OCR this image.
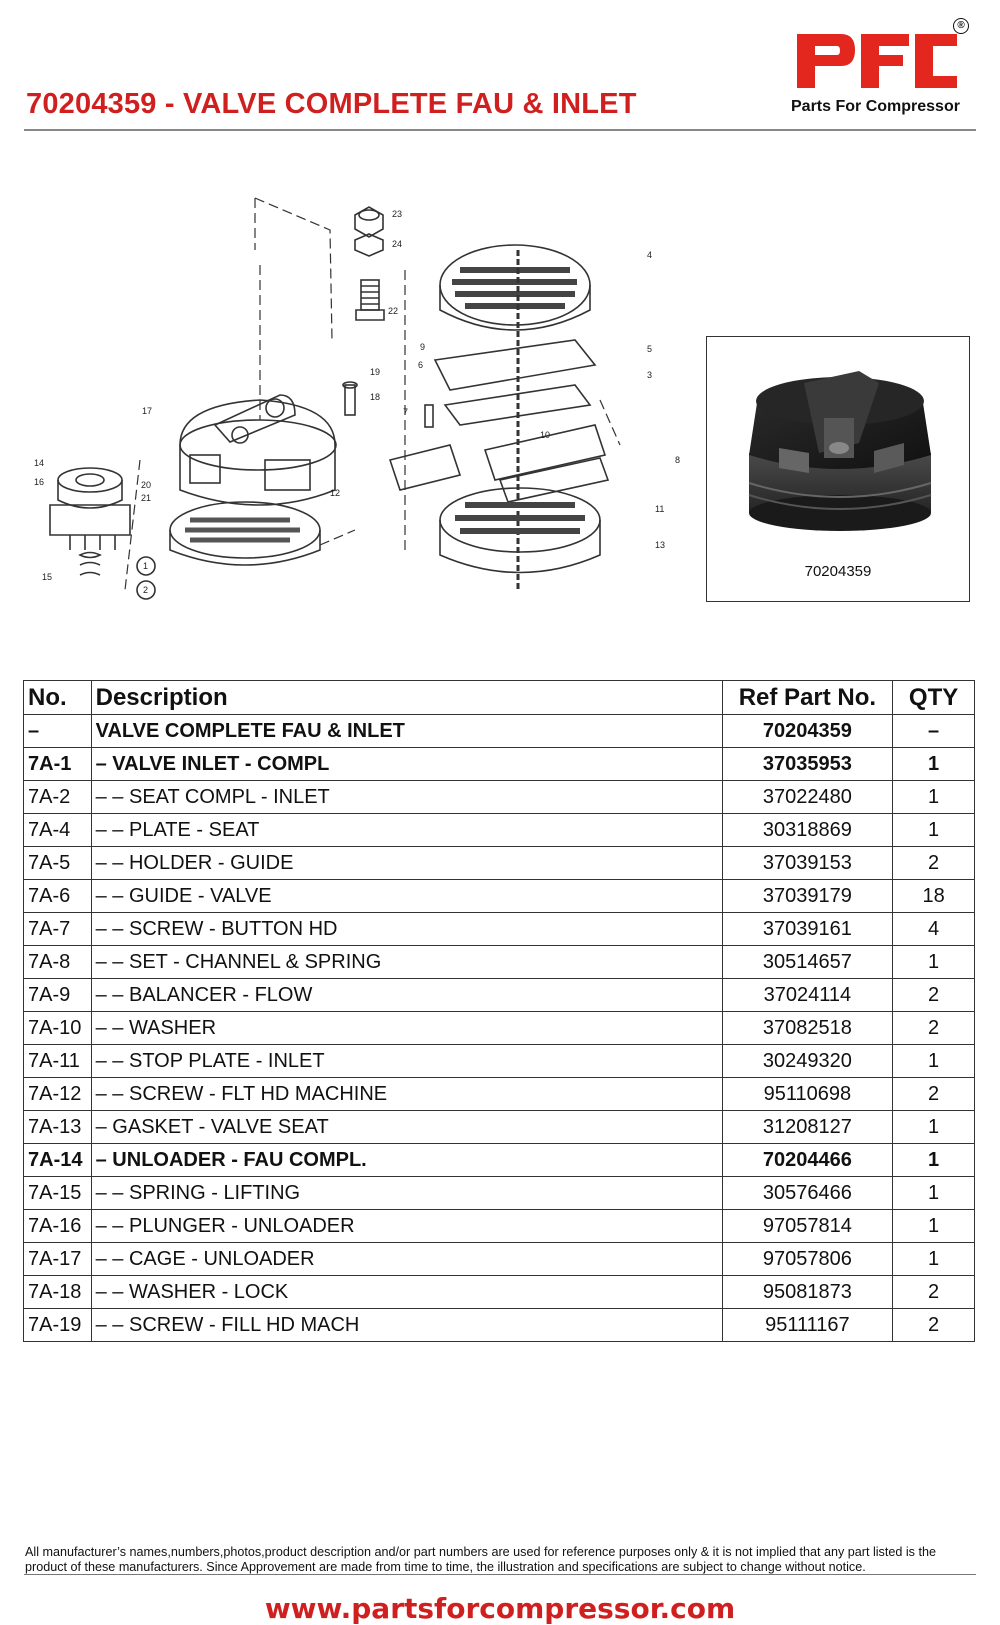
70204359 - VALVE COMPLETE FAU & INLET
®
Parts For Compressor
23
24
22
19
18
17
14
16	20
21
15
1
2
12
7
9
6
5
3
4
8
10
11
13
70204359
No.	Description	Ref Part No.	QTY
–	VALVE COMPLETE FAU & INLET	70204359	–
7A-1	– VALVE INLET - COMPL	37035953	1
7A-2	– – SEAT COMPL - INLET	37022480	1
7A-4	– – PLATE - SEAT	30318869	1
7A-5	– – HOLDER - GUIDE	37039153	2
7A-6	– – GUIDE - VALVE	37039179	18
7A-7	– – SCREW - BUTTON HD	37039161	4
7A-8	– – SET - CHANNEL & SPRING	30514657	1
7A-9	– – BALANCER - FLOW	37024114	2
7A-10	– – WASHER	37082518	2
7A-11	– – STOP PLATE - INLET	30249320	1
7A-12	– – SCREW - FLT HD MACHINE	95110698	2
7A-13	– GASKET - VALVE SEAT	31208127	1
7A-14	– UNLOADER - FAU COMPL.	70204466	1
7A-15	– – SPRING - LIFTING	30576466	1
7A-16	– – PLUNGER - UNLOADER	97057814	1
7A-17	– – CAGE - UNLOADER	97057806	1
7A-18	– – WASHER - LOCK	95081873	2
7A-19	– – SCREW - FILL HD MACH	95111167	2
All manufacturer’s names,numbers,photos,product description and/or part numbers are used for reference purposes only & it is not implied that any part listed is the product of these manufacturers. Since Approvement are made from time to time, the illustration and specifications are subject to change without notice.
www.partsforcompressor.com
